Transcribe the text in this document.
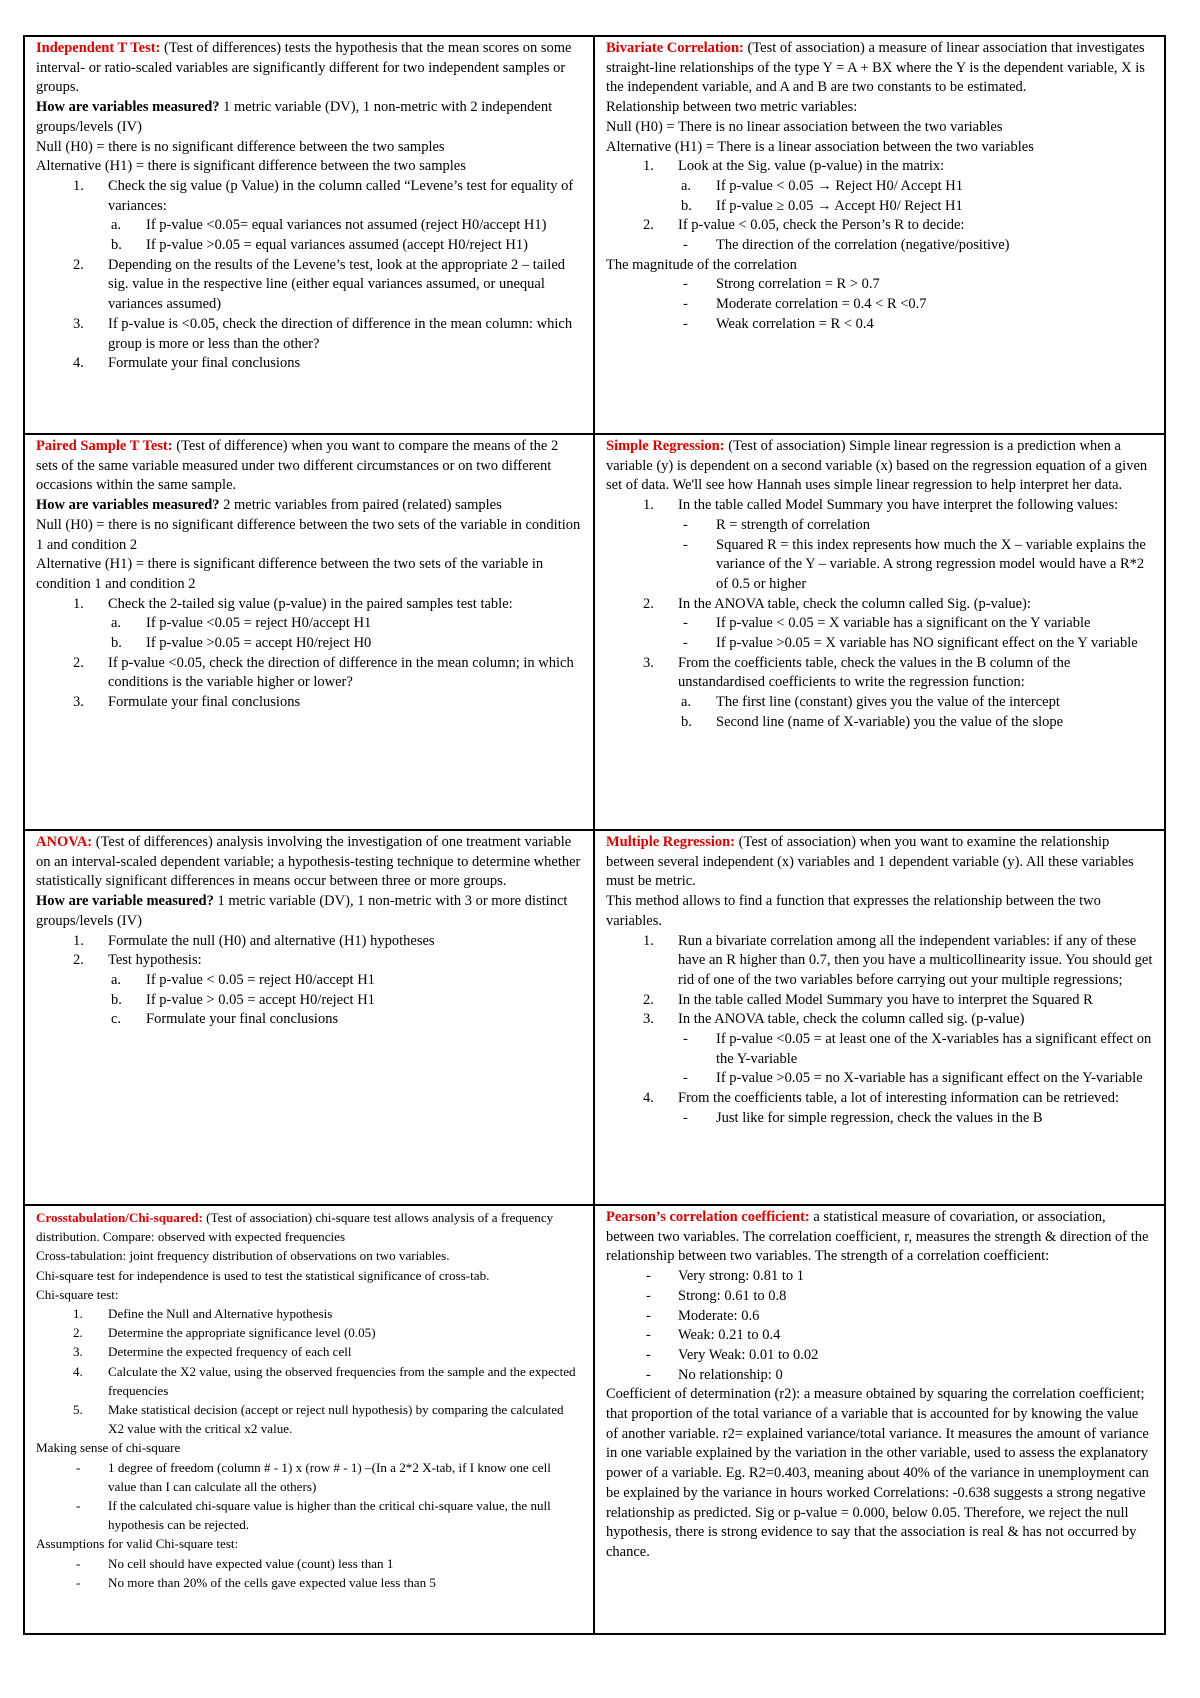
Independent T Test: (Test of differences) tests the hypothesis that the mean scores on some interval- or ratio-scaled variables are significantly different for two independent samples or groups.

How are variables measured? 1 metric variable (DV), 1 non-metric with 2 independent groups/levels (IV)

Null (H0) = there is no significant difference between the two samples

Alternative (H1) = there is significant difference between the two samples

1. Check the sig value (p Value) in the column called “Levene’s test for equality of variances:
a. If p-value <0.05= equal variances not assumed (reject H0/accept H1)
b. If p-value >0.05 = equal variances assumed (accept H0/reject H1)
2. Depending on the results of the Levene’s test, look at the appropriate 2 – tailed sig. value in the respective line (either equal variances assumed, or unequal variances assumed)
3. If p-value is <0.05, check the direction of difference in the mean column: which group is more or less than the other?
4. Formulate your final conclusions

Bivariate Correlation: (Test of association) a measure of linear association that investigates straight-line relationships of the type Y = A + BX where the Y is the dependent variable, X is the independent variable, and A and B are two constants to be estimated.

Relationship between two metric variables:

Null (H0) = There is no linear association between the two variables

Alternative (H1) = There is a linear association between the two variables

1. Look at the Sig. value (p-value) in the matrix:
a. If p-value < 0.05 → Reject H0/ Accept H1
b. If p-value ≥ 0.05 → Accept H0/ Reject H1
2. If p-value < 0.05, check the Person’s R to decide:
- The direction of the correlation (negative/positive)

The magnitude of the correlation

- Strong correlation = R > 0.7
- Moderate correlation = 0.4 < R <0.7
- Weak correlation = R < 0.4

Paired Sample T Test: (Test of difference) when you want to compare the means of the 2 sets of the same variable measured under two different circumstances or on two different occasions within the same sample.

How are variables measured? 2 metric variables from paired (related) samples

Null (H0) = there is no significant difference between the two sets of the variable in condition 1 and condition 2

Alternative (H1) = there is significant difference between the two sets of the variable in condition 1 and condition 2

1. Check the 2-tailed sig value (p-value) in the paired samples test table:
a. If p-value <0.05 = reject H0/accept H1
b. If p-value >0.05 = accept H0/reject H0
2. If p-value <0.05, check the direction of difference in the mean column; in which conditions is the variable higher or lower?
3. Formulate your final conclusions

Simple Regression: (Test of association) Simple linear regression is a prediction when a variable (y) is dependent on a second variable (x) based on the regression equation of a given set of data. We'll see how Hannah uses simple linear regression to help interpret her data.

1. In the table called Model Summary you have interpret the following values:
- R = strength of correlation
- Squared R = this index represents how much the X – variable explains the variance of the Y – variable. A strong regression model would have a R*2 of 0.5 or higher
2. In the ANOVA table, check the column called Sig. (p-value):
- If p-value < 0.05 = X variable has a significant on the Y variable
- If p-value >0.05 = X variable has NO significant effect on the Y variable
3. From the coefficients table, check the values in the B column of the unstandardised coefficients to write the regression function:
a. The first line (constant) gives you the value of the intercept
b. Second line (name of X-variable) you the value of the slope

ANOVA: (Test of differences) analysis involving the investigation of one treatment variable on an interval-scaled dependent variable; a hypothesis-testing technique to determine whether statistically significant differences in means occur between three or more groups.

How are variable measured? 1 metric variable (DV), 1 non-metric with 3 or more distinct groups/levels (IV)

1. Formulate the null (H0) and alternative (H1) hypotheses
2. Test hypothesis:
a. If p-value < 0.05 = reject H0/accept H1
b. If p-value > 0.05 = accept H0/reject H1
c. Formulate your final conclusions

Multiple Regression: (Test of association) when you want to examine the relationship between several independent (x) variables and 1 dependent variable (y). All these variables must be metric.

This method allows to find a function that expresses the relationship between the two variables.

1. Run a bivariate correlation among all the independent variables: if any of these have an R higher than 0.7, then you have a multicollinearity issue. You should get rid of one of the two variables before carrying out your multiple regressions;
2. In the table called Model Summary you have to interpret the Squared R
3. In the ANOVA table, check the column called sig. (p-value)
- If p-value <0.05 = at least one of the X-variables has a significant effect on the Y-variable
- If p-value >0.05 = no X-variable has a significant effect on the Y-variable
4. From the coefficients table, a lot of interesting information can be retrieved:
- Just like for simple regression, check the values in the B

Crosstabulation/Chi-squared: (Test of association) chi-square test allows analysis of a frequency distribution. Compare: observed with expected frequencies

Cross-tabulation: joint frequency distribution of observations on two variables.

Chi-square test for independence is used to test the statistical significance of cross-tab.

Chi-square test:

1. Define the Null and Alternative hypothesis
2. Determine the appropriate significance level (0.05)
3. Determine the expected frequency of each cell
4. Calculate the X2 value, using the observed frequencies from the sample and the expected frequencies
5. Make statistical decision (accept or reject null hypothesis) by comparing the calculated X2 value with the critical x2 value.

Making sense of chi-square

- 1 degree of freedom (column # - 1) x (row # - 1) –(In a 2*2 X-tab, if I know one cell value than I can calculate all the others)
- If the calculated chi-square value is higher than the critical chi-square value, the null hypothesis can be rejected.

Assumptions for valid Chi-square test:

- No cell should have expected value (count) less than 1
- No more than 20% of the cells gave expected value less than 5

Pearson’s correlation coefficient: a statistical measure of covariation, or association, between two variables. The correlation coefficient, r, measures the strength & direction of the relationship between two variables. The strength of a correlation coefficient:

- Very strong: 0.81 to 1
- Strong: 0.61 to 0.8
- Moderate: 0.6
- Weak: 0.21 to 0.4
- Very Weak: 0.01 to 0.02
- No relationship: 0

Coefficient of determination (r2): a measure obtained by squaring the correlation coefficient; that proportion of the total variance of a variable that is accounted for by knowing the value of another variable. r2= explained variance/total variance. It measures the amount of variance in one variable explained by the variation in the other variable, used to assess the explanatory power of a variable. Eg. R2=0.403, meaning about 40% of the variance in unemployment can be explained by the variance in hours worked Correlations: -0.638 suggests a strong negative relationship as predicted. Sig or p-value = 0.000, below 0.05. Therefore, we reject the null hypothesis, there is strong evidence to say that the association is real & has not occurred by chance.
